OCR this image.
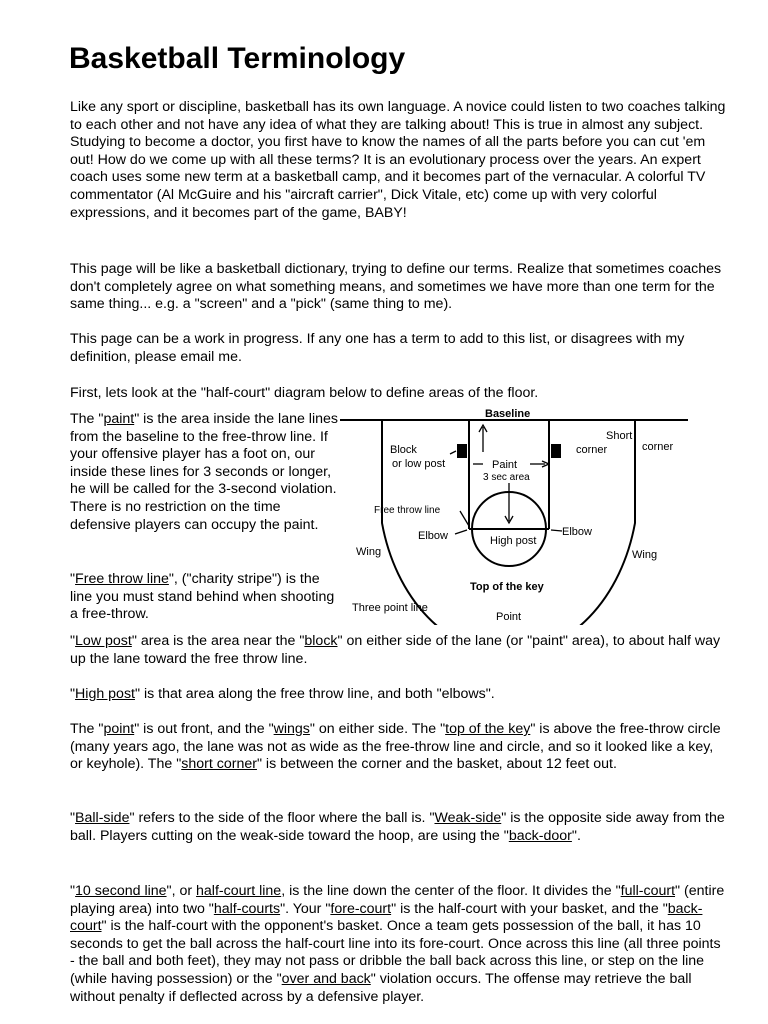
Basketball Terminology

Like any sport or discipline, basketball has its own language. A novice could listen to two coaches talking to each other and not have any idea of what they are talking about! This is true in almost any subject. Studying to become a doctor, you first have to know the names of all the parts before you can cut 'em out! How do we come up with all these terms? It is an evolutionary process over the years. An expert coach uses some new term at a basketball camp, and it becomes part of the vernacular. A colorful TV commentator (Al McGuire and his "aircraft carrier", Dick Vitale, etc) come up with very colorful expressions, and it becomes part of the game, BABY!

This page will be like a basketball dictionary, trying to define our terms. Realize that sometimes coaches don't completely agree on what something means, and sometimes we have more than one term for the same thing... e.g. a "screen" and a "pick" (same thing to me).

This page can be a work in progress. If any one has a term to add to this list, or disagrees with my definition, please email me.

First, lets look at the "half-court" diagram below to define areas of the floor.

The "paint" is the area inside the lane lines from the baseline to the free-throw line. If your offensive player has a foot on, our inside these lines for 3 seconds or longer, he will be called for the 3-second violation. There is no restriction on the time defensive players can occupy the paint.

"Free throw line", ("charity stripe") is the line you must stand behind when shooting a free-throw.

"Low post" area is the area near the "block" on either side of the lane (or "paint" area), to about half way up the lane toward the free throw line.

"High post" is that area along the free throw line, and both "elbows".

The "point" is out front, and the "wings" on either side. The "top of the key" is above the free-throw circle (many years ago, the lane was not as wide as the free-throw line and circle, and so it looked like a key, or keyhole). The "short corner" is between the corner and the basket, about 12 feet out.

"Ball-side" refers to the side of the floor where the ball is. "Weak-side" is the opposite side away from the ball. Players cutting on the weak-side toward the hoop, are using the "back-door".

"10 second line", or half-court line, is the line down the center of the floor. It divides the "full-court" (entire playing area) into two "half-courts". Your "fore-court" is the half-court with your basket, and the "back-court" is the half-court with the opponent's basket. Once a team gets possession of the ball, it has 10 seconds to get the ball across the half-court line into its fore-court. Once across this line (all three points - the ball and both feet), they may not pass or dribble the ball back across this line, or step on the line (while having possession) or the "over and back" violation occurs. The offense may retrieve the ball without penalty if deflected across by a defensive player.

Baseline
Short
corner	corner
Block
or low post	Paint
3 sec area
Free throw line
Elbow	Elbow
High post
Wing	Wing
Top of the key
Three point line
Point
